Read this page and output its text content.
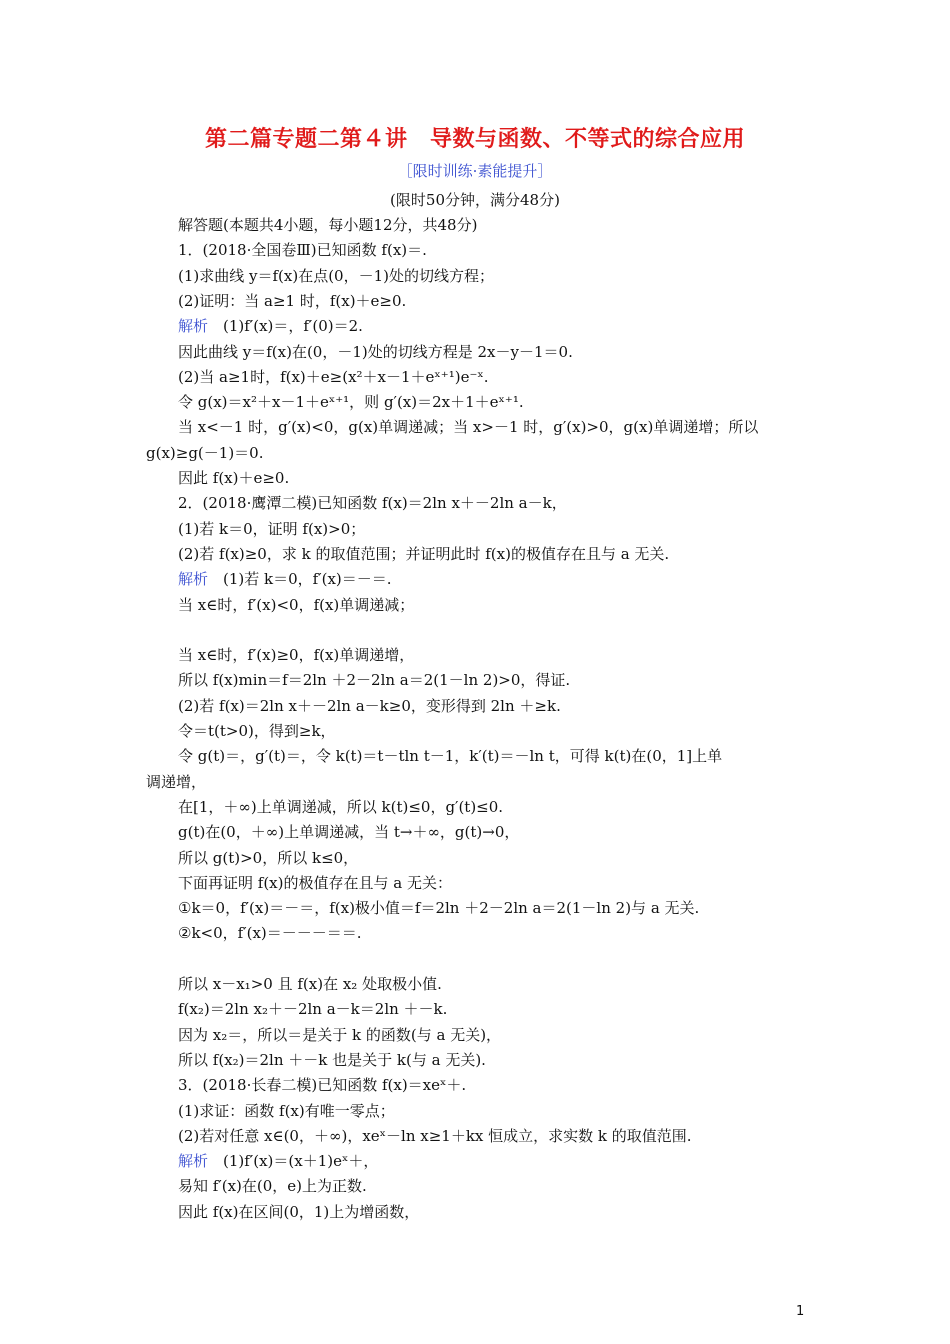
第二篇专题二第４讲　导数与函数、不等式的综合应用
［限时训练·素能提升］
(限时50分钟，满分48分)
解答题(本题共4小题，每小题12分，共48分)
1．(2018·全国卷Ⅲ)已知函数 f(x)＝.
(1)求曲线 y＝f(x)在点(0，－1)处的切线方程；
(2)证明：当 a≥1 时，f(x)＋e≥0.
解析　(1)f′(x)＝，f′(0)＝2.
因此曲线 y＝f(x)在(0，－1)处的切线方程是 2x－y－1＝0.
(2)当 a≥1时，f(x)＋e≥(x²＋x－1＋eˣ⁺¹)e⁻ˣ.
令 g(x)＝x²＋x－1＋eˣ⁺¹，则 g′(x)＝2x＋1＋eˣ⁺¹.
当 x<－1 时，g′(x)<0，g(x)单调递减；当 x>－1 时，g′(x)>0，g(x)单调递增；所以
g(x)≥g(－1)＝0.
因此 f(x)＋e≥0.
2．(2018·鹰潭二模)已知函数 f(x)＝2ln x＋－2ln a－k，
(1)若 k＝0，证明 f(x)>0；
(2)若 f(x)≥0，求 k 的取值范围；并证明此时 f(x)的极值存在且与 a 无关.
解析　(1)若 k＝0，f′(x)＝－＝.
当 x∈时，f′(x)<0，f(x)单调递减；
当 x∈时，f′(x)≥0，f(x)单调递增，
所以 f(x)min＝f＝2ln ＋2－2ln a＝2(1－ln 2)>0，得证.
(2)若 f(x)＝2ln x＋－2ln a－k≥0，变形得到 2ln ＋≥k.
令＝t(t>0)，得到≥k，
令 g(t)＝，g′(t)＝，令 k(t)＝t－tln t－1，k′(t)＝－ln t，可得 k(t)在(0，1]上单
调递增，
在[1，＋∞)上单调递减，所以 k(t)≤0，g′(t)≤0.
g(t)在(0，＋∞)上单调递减，当 t→＋∞，g(t)→0，
所以 g(t)>0，所以 k≤0，
下面再证明 f(x)的极值存在且与 a 无关：
①k＝0，f′(x)＝－＝，f(x)极小值＝f＝2ln ＋2－2ln a＝2(1－ln 2)与 a 无关.
②k<0，f′(x)＝－－－＝＝.
所以 x－x₁>0 且 f(x)在 x₂ 处取极小值.
f(x₂)＝2ln x₂＋－2ln a－k＝2ln ＋－k.
因为 x₂＝，所以＝是关于 k 的函数(与 a 无关)，
所以 f(x₂)＝2ln ＋－k 也是关于 k(与 a 无关).
3．(2018·长春二模)已知函数 f(x)＝xeˣ＋.
(1)求证：函数 f(x)有唯一零点；
(2)若对任意 x∈(0，＋∞)，xeˣ－ln x≥1＋kx 恒成立，求实数 k 的取值范围.
解析　(1)f′(x)＝(x＋1)eˣ＋，
易知 f′(x)在(0，e)上为正数.
因此 f(x)在区间(0，1)上为增函数，
1
